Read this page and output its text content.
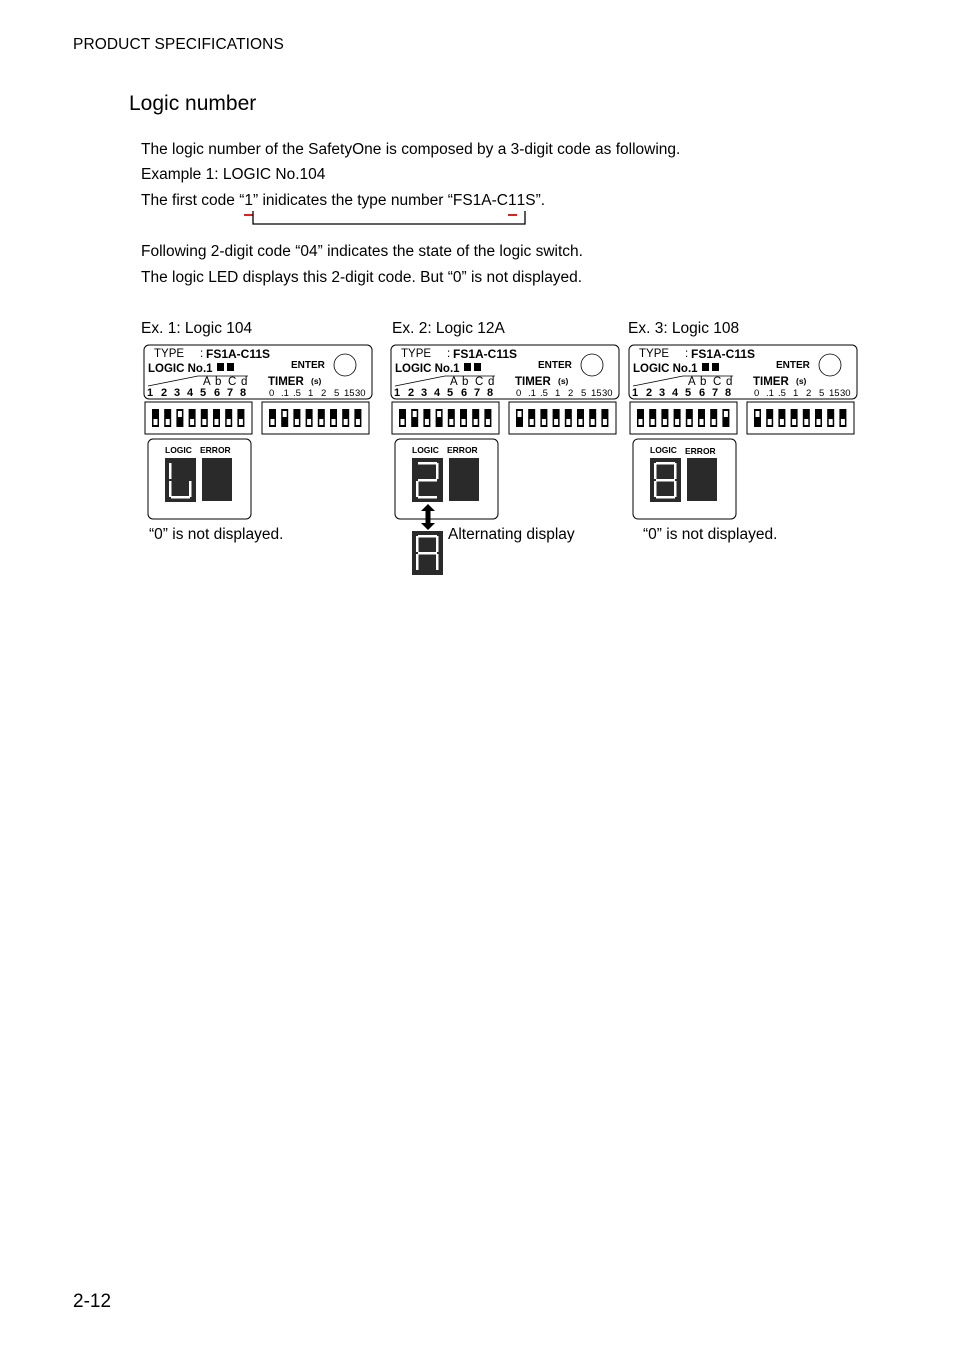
PRODUCT SPECIFICATIONS
Logic number
The logic number of the SafetyOne is composed by a 3-digit code as following.
Example 1: LOGIC No.104
The first code “1” inidicates the type number “FS1A-C11S”.
Following 2-digit code “04” indicates the state of the logic switch.
The logic LED displays this 2-digit code. But “0” is not displayed.
Ex. 1: Logic 104	Ex. 2: Logic 12A	Ex. 3: Logic 108
TYPE : FS1A-C11S
LOGIC No.1
A b C d
1 2 3 4 5 6 7 8
ENTER
TIMER (s)
0 .1 .5 1 2 5 15 30
TYPE : FS1A-C11S
LOGIC No.1
A b C d
1 2 3 4 5 6 7 8
ENTER
TIMER (s)
0 .1 .5 1 2 5 15 30
TYPE : FS1A-C11S
LOGIC No.1
A b C d
1 2 3 4 5 6 7 8
ENTER
TIMER (s)
0 .1 .5 1 2 5 15 30
LOGIC ERROR	LOGIC ERROR	LOGIC ERROR
“0” is not displayed.	Alternating display	“0” is not displayed.
2-12
